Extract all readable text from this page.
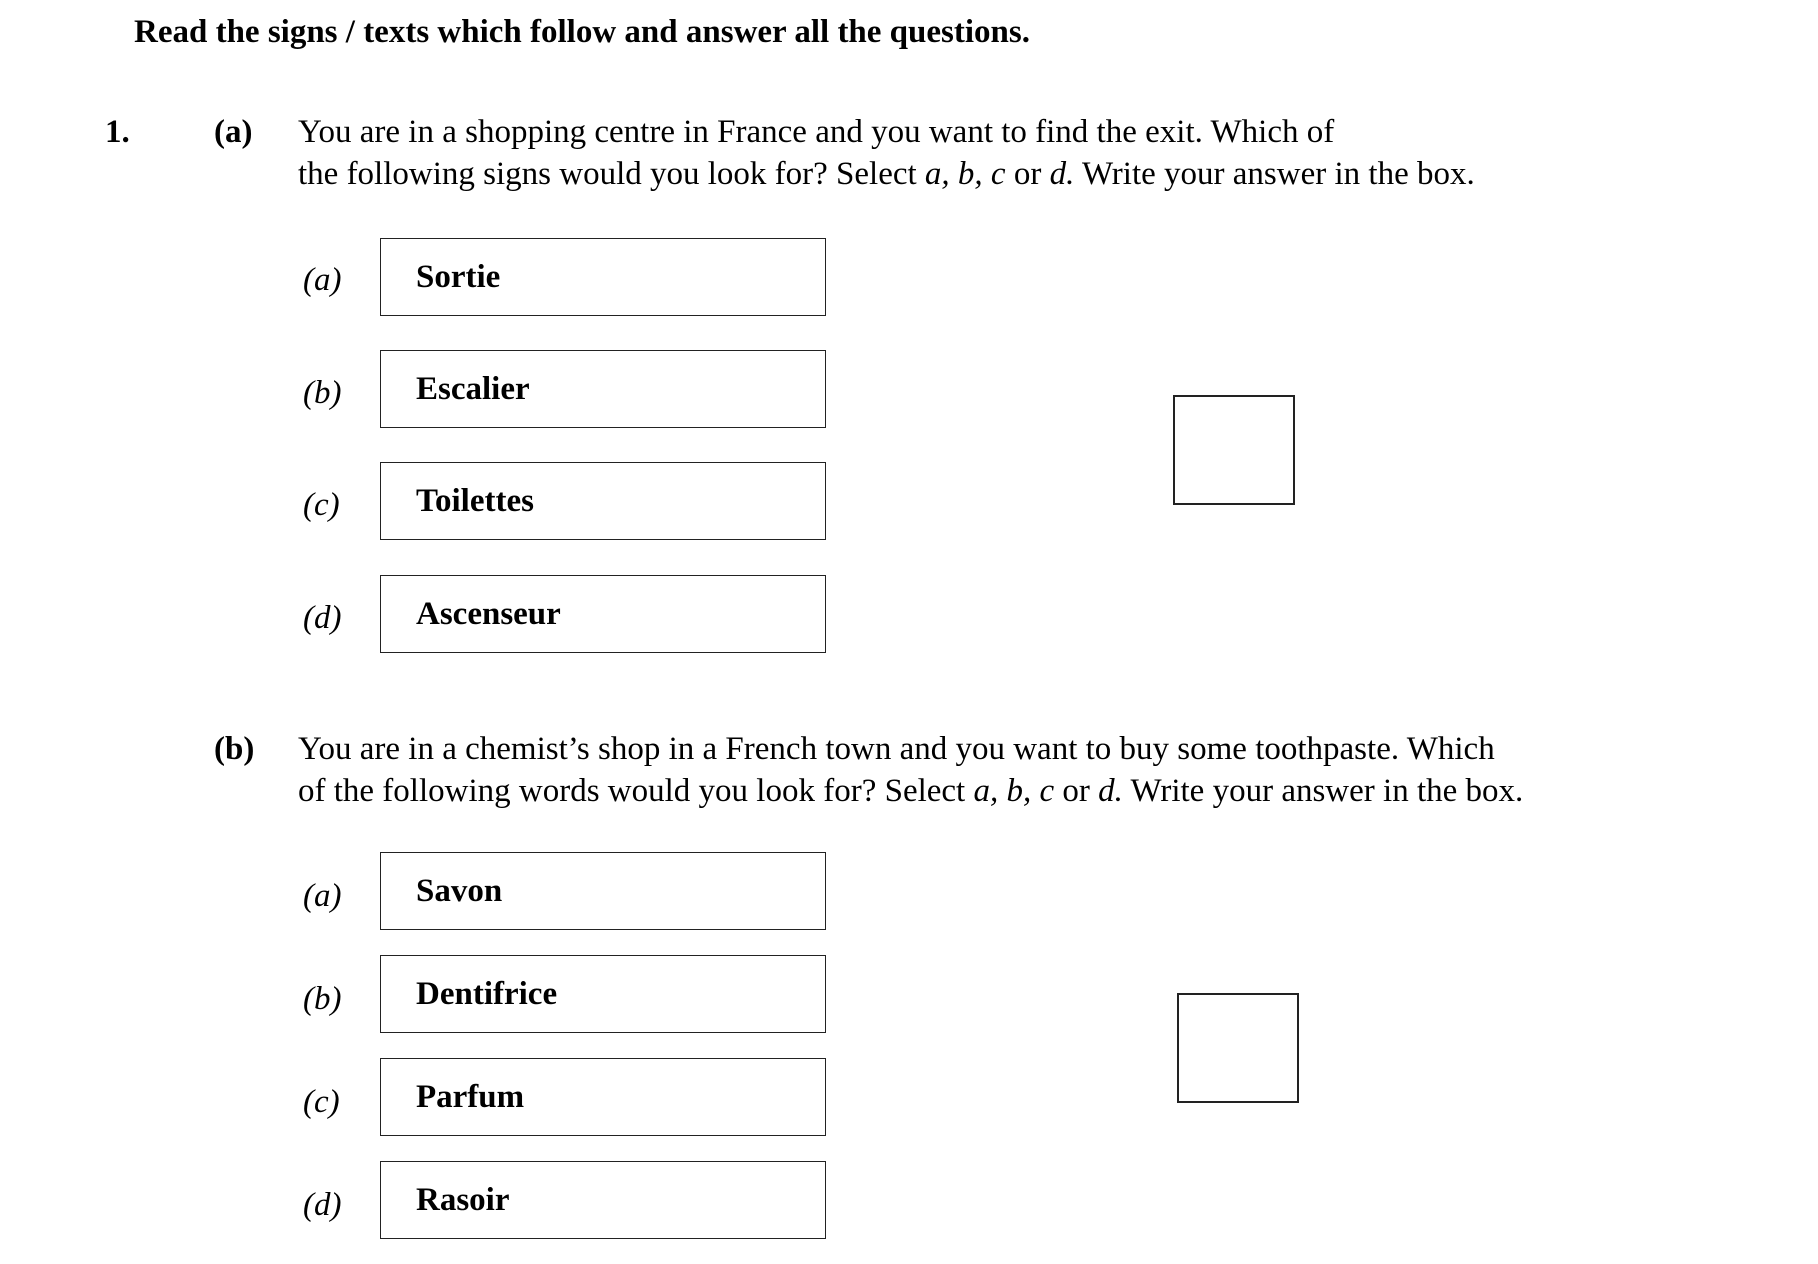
Read the signs / texts which follow and answer all the questions.
1.	(a) You are in a shopping centre in France and you want to find the exit. Which of
the following signs would you look for? Select a, b, c or d. Write your answer in the box.
(a) Sortie
(b) Escalier
(c) Toilettes
(d) Ascenseur
(b) You are in a chemist’s shop in a French town and you want to buy some toothpaste. Which
of the following words would you look for? Select a, b, c or d. Write your answer in the box.
(a) Savon
(b) Dentifrice
(c) Parfum
(d) Rasoir
